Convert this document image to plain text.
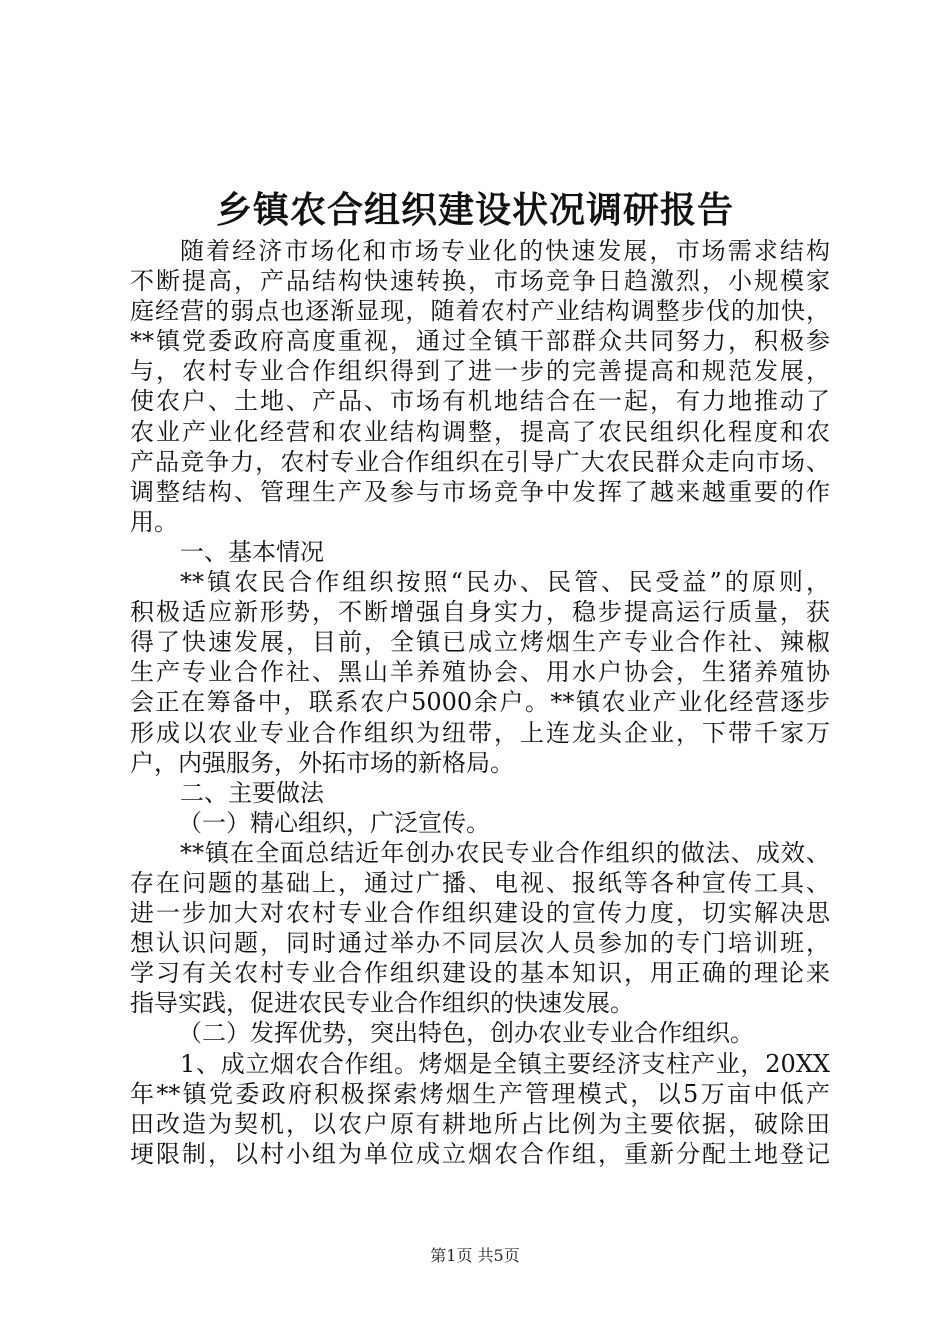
乡镇农合组织建设状况调研报告
随着经济市场化和市场专业化的快速发展，市场需求结构
不断提高，产品结构快速转换，市场竞争日趋激烈，小规模家
庭经营的弱点也逐渐显现，随着农村产业结构调整步伐的加快，
**镇党委政府高度重视，通过全镇干部群众共同努力，积极参
与，农村专业合作组织得到了进一步的完善提高和规范发展，
使农户、土地、产品、市场有机地结合在一起，有力地推动了
农业产业化经营和农业结构调整，提高了农民组织化程度和农
产品竞争力，农村专业合作组织在引导广大农民群众走向市场、
调整结构、管理生产及参与市场竞争中发挥了越来越重要的作
用。
一、基本情况
**镇农民合作组织按照“民办、民管、民受益”的原则，
积极适应新形势，不断增强自身实力，稳步提高运行质量，获
得了快速发展，目前，全镇已成立烤烟生产专业合作社、辣椒
生产专业合作社、黑山羊养殖协会、用水户协会，生猪养殖协
会正在筹备中，联系农户5000余户。**镇农业产业化经营逐步
形成以农业专业合作组织为纽带，上连龙头企业，下带千家万
户，内强服务，外拓市场的新格局。
二、主要做法
（一）精心组织，广泛宣传。
**镇在全面总结近年创办农民专业合作组织的做法、成效、
存在问题的基础上，通过广播、电视、报纸等各种宣传工具、
进一步加大对农村专业合作组织建设的宣传力度，切实解决思
想认识问题，同时通过举办不同层次人员参加的专门培训班，
学习有关农村专业合作组织建设的基本知识，用正确的理论来
指导实践，促进农民专业合作组织的快速发展。
（二）发挥优势，突出特色，创办农业专业合作组织。
1、成立烟农合作组。烤烟是全镇主要经济支柱产业，20XX
年**镇党委政府积极探索烤烟生产管理模式，以5万亩中低产
田改造为契机，以农户原有耕地所占比例为主要依据，破除田
埂限制，以村小组为单位成立烟农合作组，重新分配土地登记
第1页 共5页
